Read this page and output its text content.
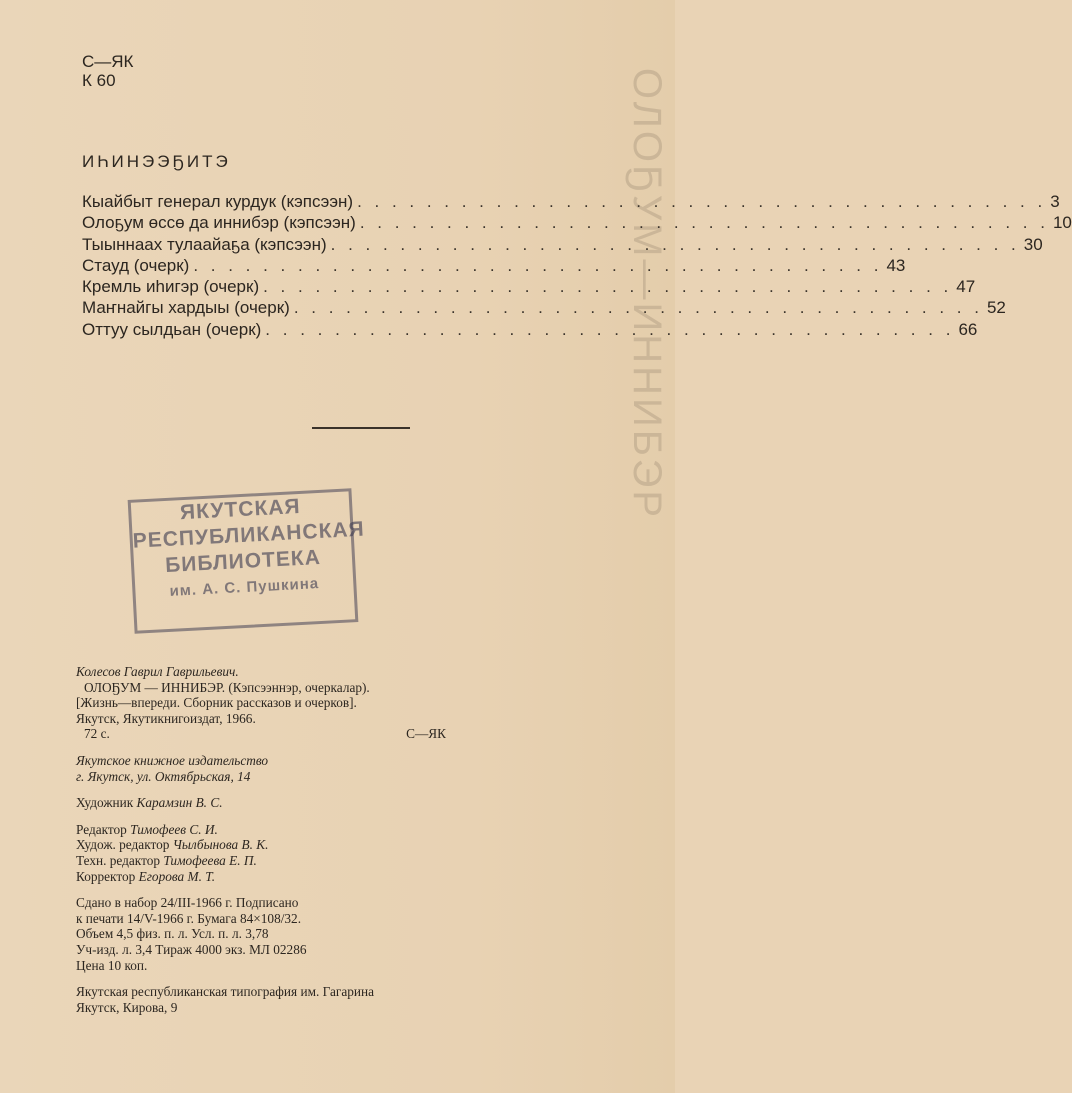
ОЛОҔУМ—ИННИБЭР
С—ЯК
К 60
ИҺИНЭЭҔИТЭ
Кыайбыт генерал курдук (кэпсээн) . . . . . . . . . . . . . . . . . . . . . . . . . . . . . . . . . . . . . . . . 3
Олоҕум өссө да иннибэр (кэпсээн) . . . . . . . . . . . . . . . . . . . . . . . . . . . . . . . . . . . . . . . . 10
Тыыннаах тулаайаҕа (кэпсээн) . . . . . . . . . . . . . . . . . . . . . . . . . . . . . . . . . . . . . . . . 30
Стауд (очерк) . . . . . . . . . . . . . . . . . . . . . . . . . . . . . . . . . . . . . . . . 43
Кремль иһигэр (очерк) . . . . . . . . . . . . . . . . . . . . . . . . . . . . . . . . . . . . . . . . 47
Маҥнайгы хардыы (очерк) . . . . . . . . . . . . . . . . . . . . . . . . . . . . . . . . . . . . . . . . 52
Оттуу сылдьан (очерк) . . . . . . . . . . . . . . . . . . . . . . . . . . . . . . . . . . . . . . . . 66
ЯКУТСКАЯ
РЕСПУБЛИКАНСКАЯ
БИБЛИОТЕКА
им. А. С. Пушкина
Колесов Гаврил Гаврильевич.
ОЛОҔУМ — ИННИБЭР. (Кэпсээннэр, очеркалар).
[Жизнь—впереди. Сборник рассказов и очерков].
Якутск, Якутикнигоиздат, 1966.
72 с.	С—ЯК
Якутское книжное издательство
г. Якутск, ул. Октябрьская, 14
Художник Карамзин В. С.
Редактор Тимофеев С. И.
Худож. редактор Чылбынова В. К.
Техн. редактор Тимофеева Е. П.
Корректор Егорова М. Т.
Сдано в набор 24/III-1966 г. Подписано
к печати 14/V-1966 г. Бумага 84×108/32.
Объем 4,5 физ. п. л. Усл. п. л. 3,78
Уч-изд. л. 3,4 Тираж 4000 экз. МЛ 02286
Цена 10 коп.
Якутская республиканская типография им. Гагарина
Якутск, Кирова, 9
